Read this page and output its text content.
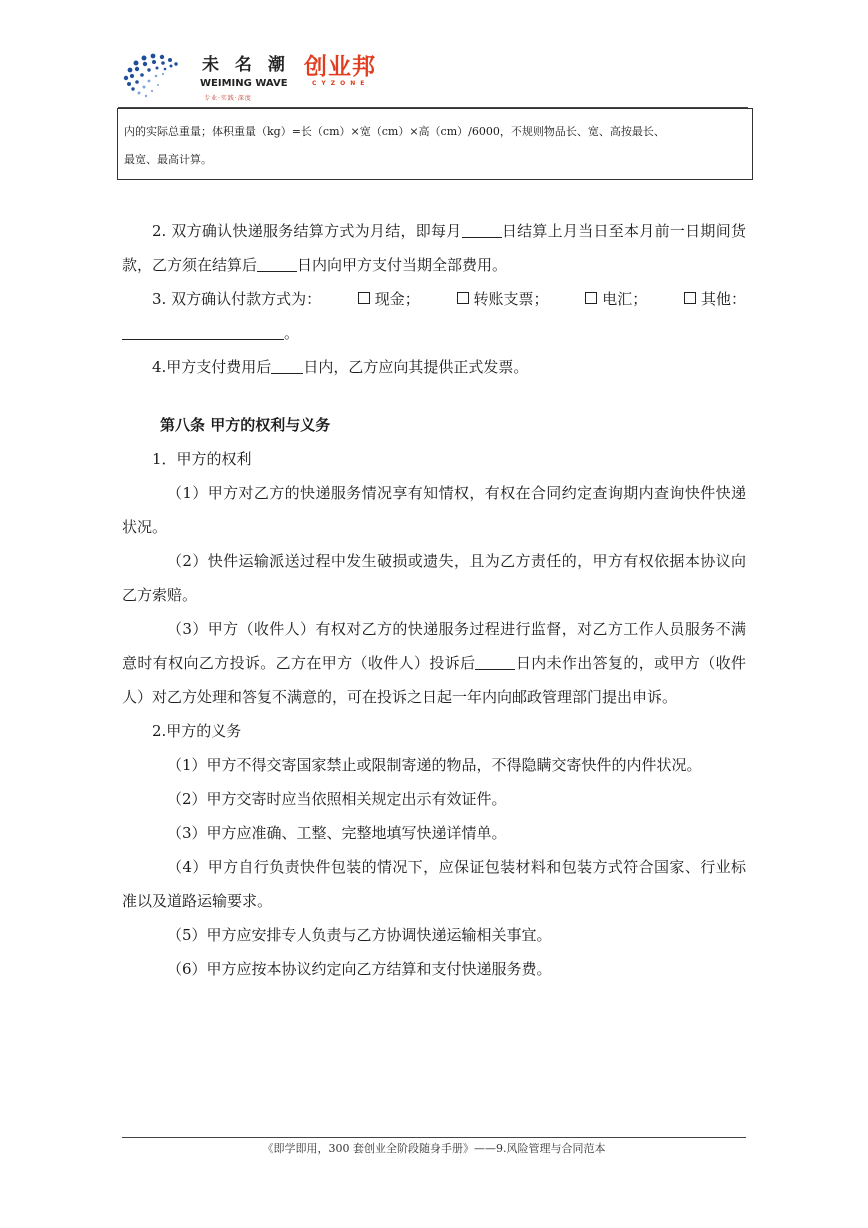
未 名 潮
WEIMING WAVE
专业·实践·深度
创业邦
CYZONE
内的实际总重量；体积重量（kg）=长（cm）×宽（cm）×高（cm）/6000，不规则物品长、宽、高按最长、
最宽、最高计算。

2. 双方确认快递服务结算方式为月结，即每月	日结算上月当日至本月前一日期间货款，乙方须在结算后	日内向甲方支付当期全部费用。

3. 双方确认付款方式为：	现金；	转账支票；	电汇；	其他：

。

4.甲方支付费用后 日内，乙方应向其提供正式发票。

第八条 甲方的权利与义务

1．甲方的权利

（1）甲方对乙方的快递服务情况享有知情权，有权在合同约定查询期内查询快件快递状况。

（2）快件运输派送过程中发生破损或遗失，且为乙方责任的，甲方有权依据本协议向乙方索赔。

（3）甲方（收件人）有权对乙方的快递服务过程进行监督，对乙方工作人员服务不满意时有权向乙方投诉。乙方在甲方（收件人）投诉后	日内未作出答复的，或甲方（收件人）对乙方处理和答复不满意的，可在投诉之日起一年内向邮政管理部门提出申诉。

2.甲方的义务

（1）甲方不得交寄国家禁止或限制寄递的物品，不得隐瞒交寄快件的内件状况。

（2）甲方交寄时应当依照相关规定出示有效证件。

（3）甲方应准确、工整、完整地填写快递详情单。

（4）甲方自行负责快件包装的情况下，应保证包装材料和包装方式符合国家、行业标准以及道路运输要求。

（5）甲方应安排专人负责与乙方协调快递运输相关事宜。

（6）甲方应按本协议约定向乙方结算和支付快递服务费。

《即学即用，300 套创业全阶段随身手册》——9.风险管理与合同范本
